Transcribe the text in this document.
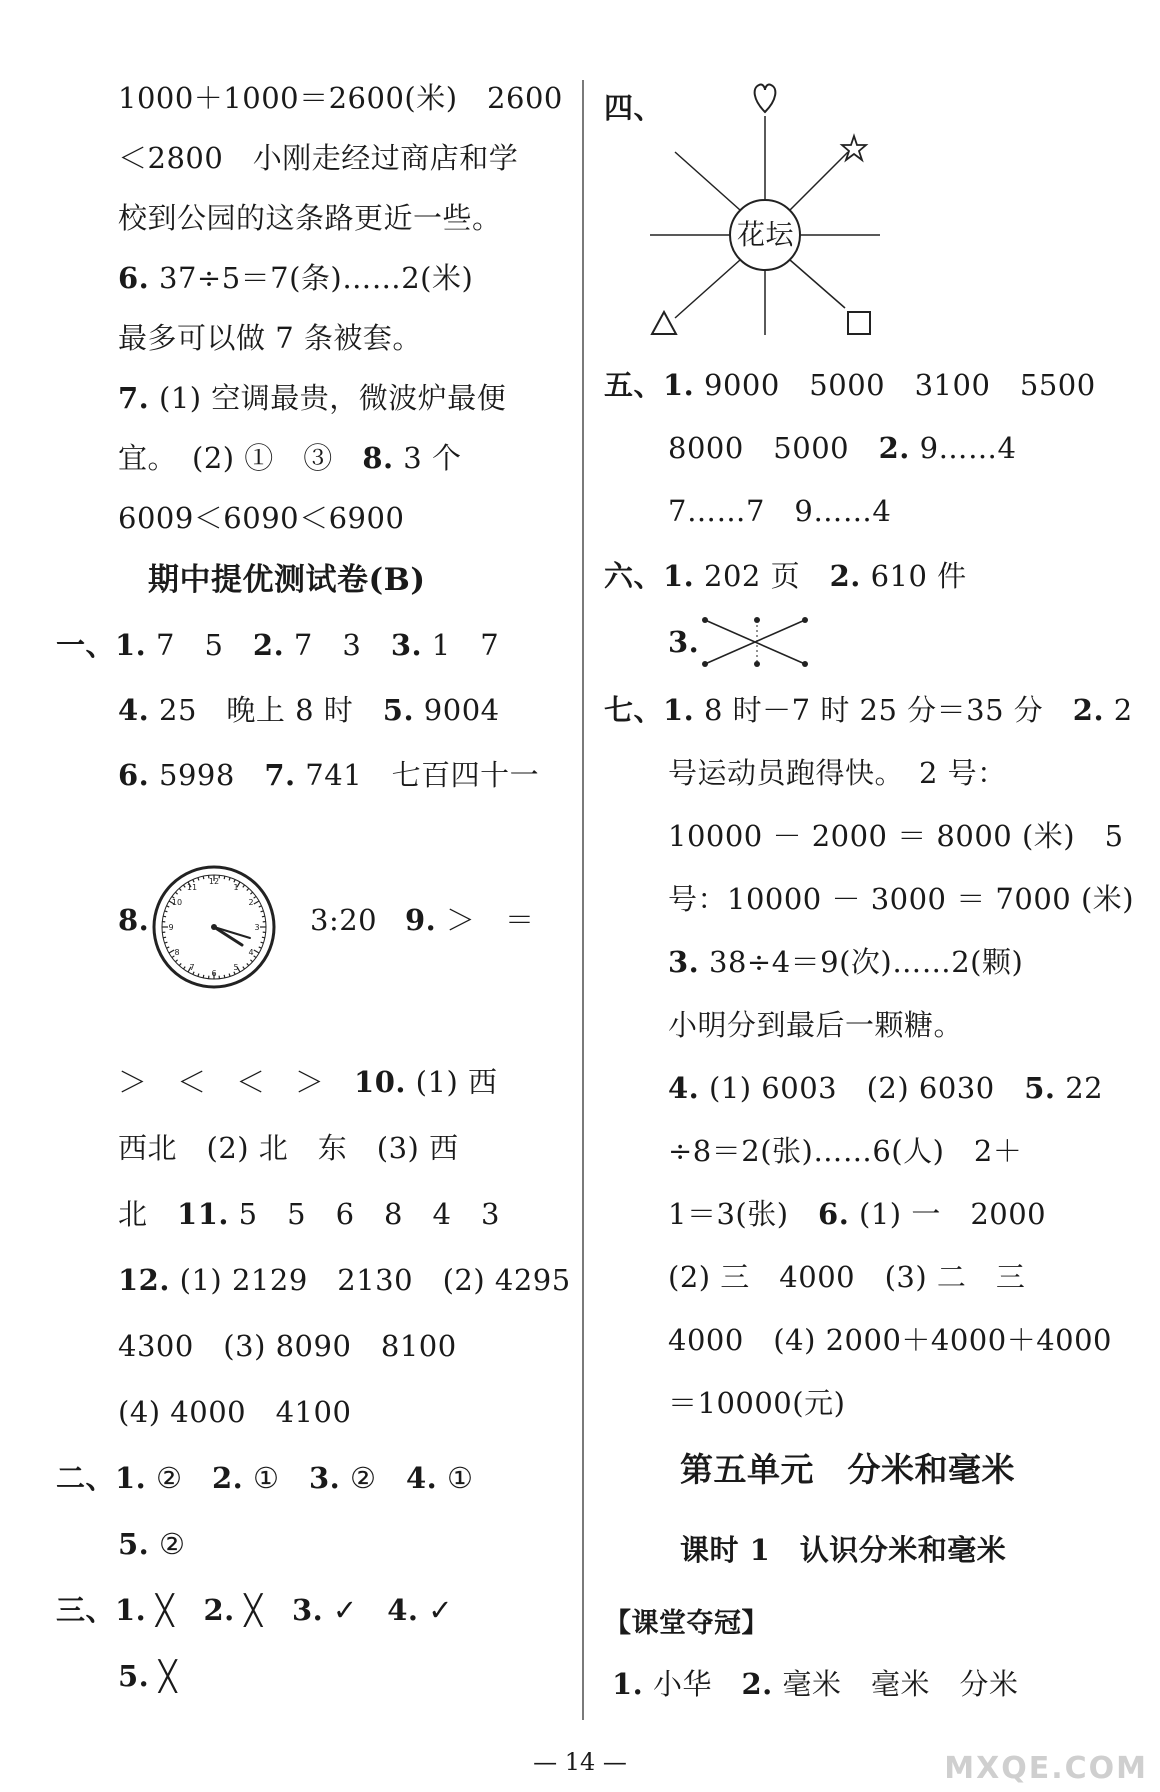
1000＋1000＝2600(米)　2600
＜2800　小刚走经过商店和学
校到公园的这条路更近一些。
6. 37÷5＝7(条)……2(米)
最多可以做 7 条被套。
7. (1) 空调最贵，微波炉最便
宜。　(2) ①　③　8. 3 个
6009＜6090＜6900
期中提优测试卷(B)
一、1. 7　5　2. 7　3　3. 1　7
4. 25　晚上 8 时　5. 9004
6. 5998　7. 741　七百四十一
8.
12
1
2
3
4
5
6
7
8
9
10
11
3:20 9. ＞　＝
＞　＜　＜　＞　10. (1) 西
西北　(2) 北　东　(3) 西
北　11. 5　5　6　8　4　3
12. (1) 2129　2130　(2) 4295
4300　(3) 8090　8100
(4) 4000　4100
二、1. ②　2. ①　3. ②　4. ①
5. ②
三、1. ╳　2. ╳　3. ✓　4. ✓
5. ╳
四、
花坛
五、1. 9000　5000　3100　5500
8000　5000　2. 9……4
7……7　9……4
六、1. 202 页　2. 610 件
3.
七、1. 8 时－7 时 25 分＝35 分　2. 2
号运动员跑得快。　2 号：
10000 － 2000 ＝ 8000 (米)　5
号：10000 － 3000 ＝ 7000 (米)
3. 38÷4＝9(次)……2(颗)
小明分到最后一颗糖。
4. (1) 6003　(2) 6030　5. 22
÷8＝2(张)……6(人)　2＋
1＝3(张)　6. (1) 一　2000
(2) 三　4000　(3) 二　三
4000　(4) 2000＋4000＋4000
＝10000(元)
第五单元　分米和毫米
课时 1　认识分米和毫米
【课堂夺冠】
1. 小华　2. 毫米　毫米　分米
— 14 —	MXQE.COM
